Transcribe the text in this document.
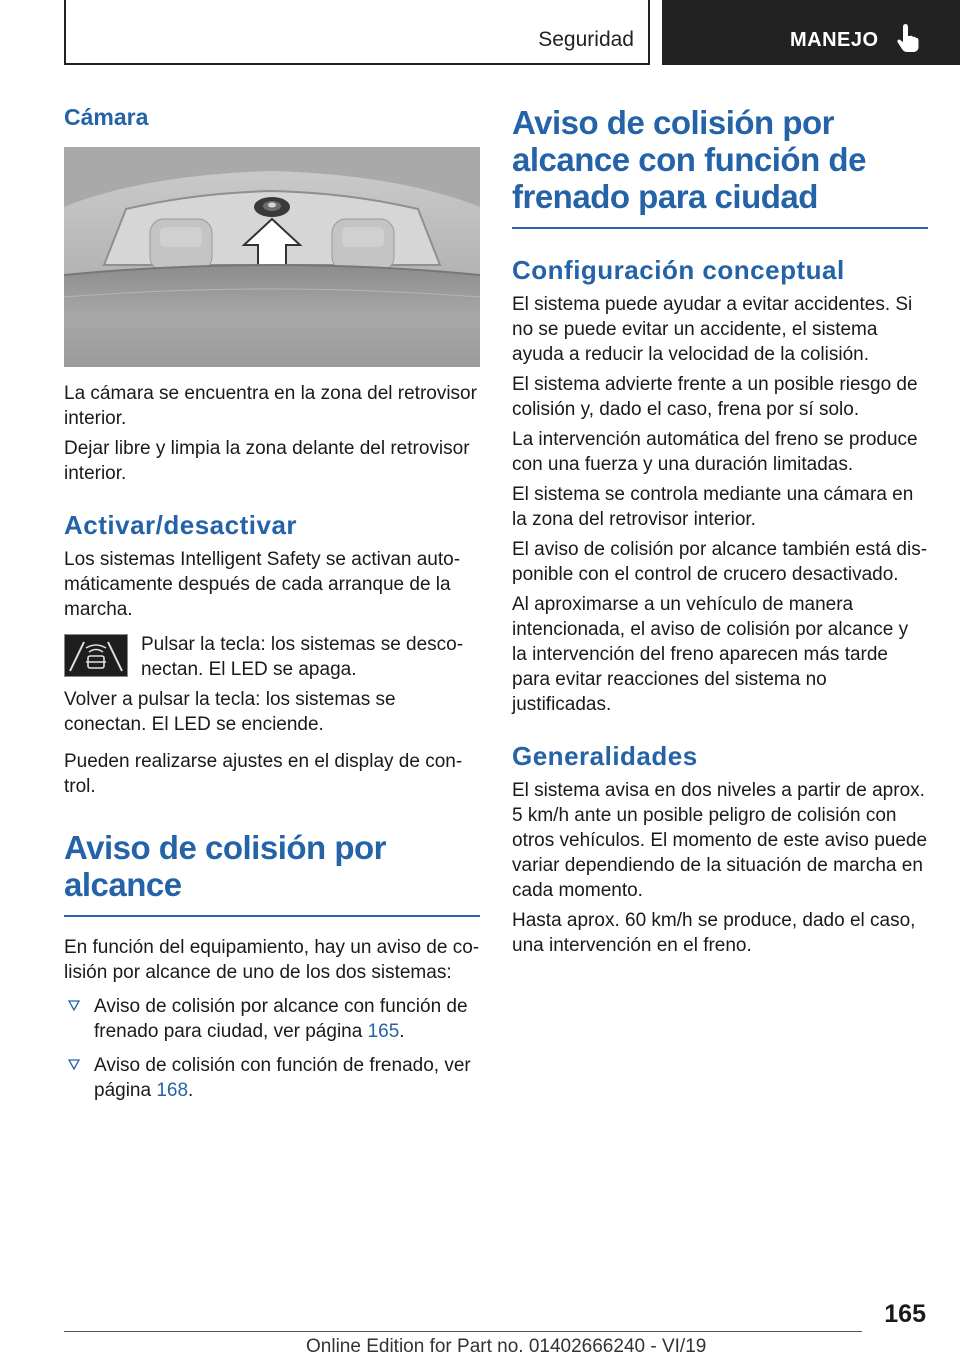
Seguridad	MANEJO
Cámara

La cámara se encuentra en la zona del retrovisor interior.

Dejar libre y limpia la zona delante del retrovisor interior.

Activar/desactivar

Los sistemas Intelligent Safety se activan automáticamente después de cada arranque de la marcha.

Pulsar la tecla: los sistemas se desconectan. El LED se apaga.

Volver a pulsar la tecla: los sistemas se conectan. El LED se enciende.

Pueden realizarse ajustes en el display de control.

Aviso de colisión por alcance

En función del equipamiento, hay un aviso de colisión por alcance de uno de los dos sistemas:

Aviso de colisión por alcance con función de frenado para ciudad, ver página 165.
Aviso de colisión con función de frenado, ver página 168.
Aviso de colisión por alcance con función de frenado para ciudad
Configuración conceptual

El sistema puede ayudar a evitar accidentes. Si no se puede evitar un accidente, el sistema ayuda a reducir la velocidad de la colisión.

El sistema advierte frente a un posible riesgo de colisión y, dado el caso, frena por sí solo.

La intervención automática del freno se produce con una fuerza y una duración limitadas.

El sistema se controla mediante una cámara en la zona del retrovisor interior.

El aviso de colisión por alcance también está disponible con el control de crucero desactivado.

Al aproximarse a un vehículo de manera intencionada, el aviso de colisión por alcance y la intervención del freno aparecen más tarde para evitar reacciones del sistema no justificadas.

Generalidades

El sistema avisa en dos niveles a partir de aprox. 5 km/h ante un posible peligro de colisión con otros vehículos. El momento de este aviso puede variar dependiendo de la situación de marcha en cada momento.

Hasta aprox. 60 km/h se produce, dado el caso, una intervención en el freno.

165
Online Edition for Part no. 01402666240 - VI/19
